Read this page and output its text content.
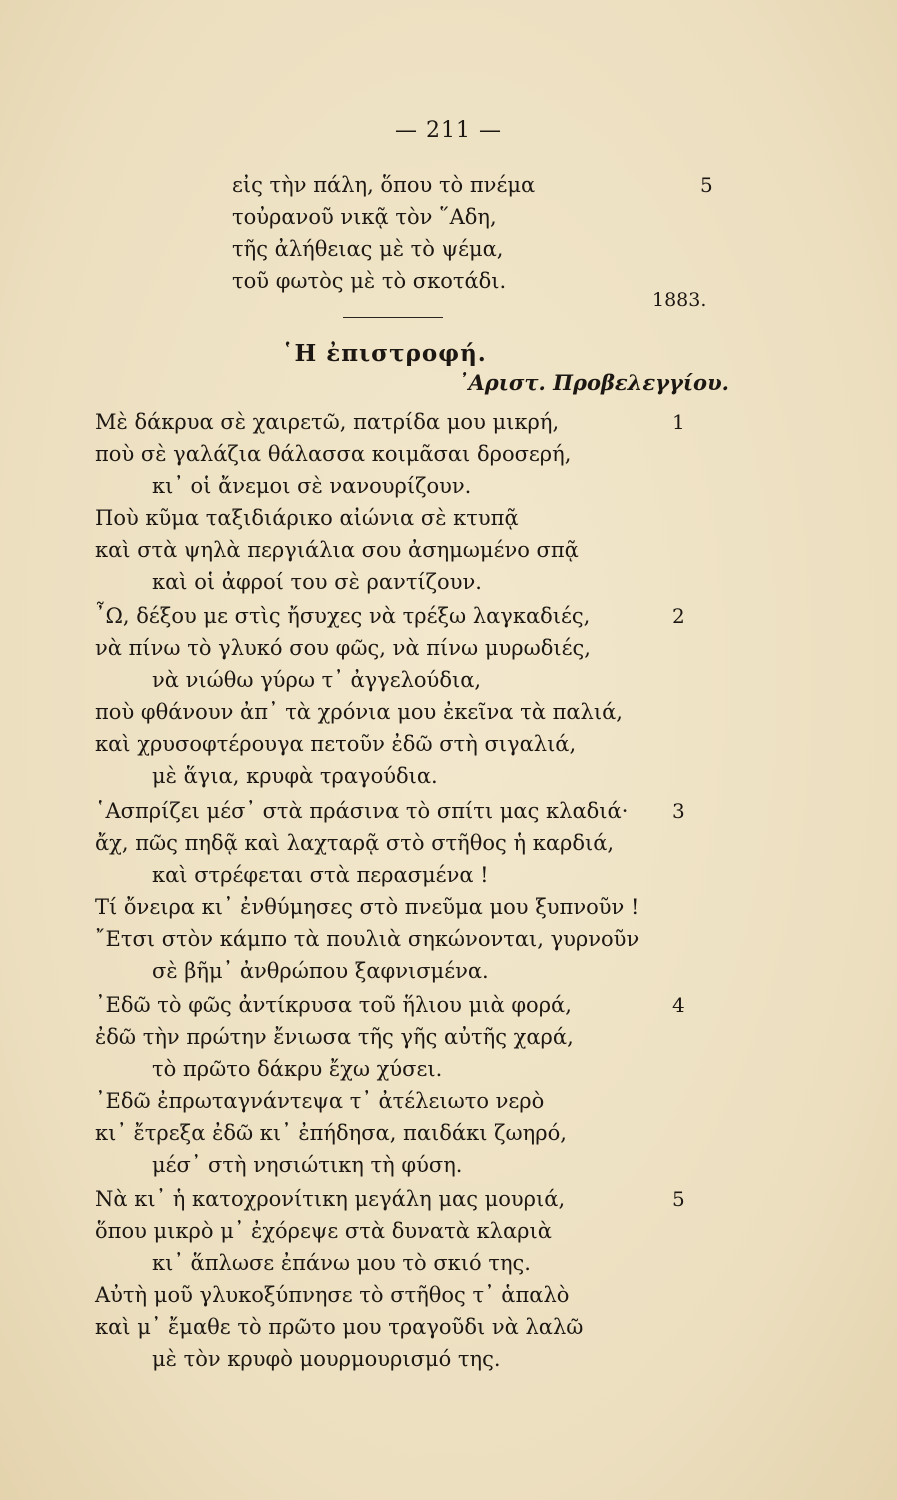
— 211 —
εἰς τὴν πάλη, ὅπου τὸ πνέμα
τοὐρανοῦ νικᾷ τὸν ῞Αδη,
τῆς ἀλήθειας μὲ τὸ ψέμα,
τοῦ φωτὸς μὲ τὸ σκοτάδι.
5
1883.
῾Η ἐπιστροφή.
᾿Αριστ. Προβελεγγίου.
Μὲ δάκρυα σὲ χαιρετῶ, πατρίδα μου μικρή,
ποὺ σὲ γαλάζια θάλασσα κοιμᾶσαι δροσερή,
κι᾿ οἱ ἄνεμοι σὲ νανουρίζουν.
Ποὺ κῦμα ταξιδιάρικο αἰώνια σὲ κτυπᾷ
καὶ στὰ ψηλὰ περγιάλια σου ἀσημωμένο σπᾷ
καὶ οἱ ἀφροί του σὲ ραντίζουν.
1
῏Ω, δέξου με στὶς ἤσυχες νὰ τρέξω λαγκαδιές,
νὰ πίνω τὸ γλυκό σου φῶς, νὰ πίνω μυρωδιές,
νὰ νιώθω γύρω τ᾿ ἀγγελούδια,
ποὺ φθάνουν ἀπ᾿ τὰ χρόνια μου ἐκεῖνα τὰ παλιά,
καὶ χρυσοφτέρουγα πετοῦν ἐδῶ στὴ σιγαλιά,
μὲ ἅγια, κρυφὰ τραγούδια.
2
῾Ασπρίζει μέσ᾿ στὰ πράσινα τὸ σπίτι μας κλαδιά·
ἄχ, πῶς πηδᾷ καὶ λαχταρᾷ στὸ στῆθος ἡ καρδιά,
καὶ στρέφεται στὰ περασμένα !
Τί ὄνειρα κι᾿ ἐνθύμησες στὸ πνεῦμα μου ξυπνοῦν !
῎Ετσι στὸν κάμπο τὰ πουλιὰ σηκώνονται, γυρνοῦν
σὲ βῆμ᾿ ἀνθρώπου ξαφνισμένα.
3
᾿Εδῶ τὸ φῶς ἀντίκρυσα τοῦ ἥλιου μιὰ φορά,
ἐδῶ τὴν πρώτην ἔνιωσα τῆς γῆς αὐτῆς χαρά,
τὸ πρῶτο δάκρυ ἔχω χύσει.
᾿Εδῶ ἐπρωταγνάντεψα τ᾿ ἀτέλειωτο νερὸ
κι᾿ ἔτρεξα ἐδῶ κι᾿ ἐπήδησα, παιδάκι ζωηρό,
μέσ᾿ στὴ νησιώτικη τὴ φύση.
4
Νὰ κι᾿ ἡ κατοχρονίτικη μεγάλη μας μουριά,
ὅπου μικρὸ μ᾿ ἐχόρεψε στὰ δυνατὰ κλαριὰ
κι᾿ ἅπλωσε ἐπάνω μου τὸ σκιό της.
Αὐτὴ μοῦ γλυκοξύπνησε τὸ στῆθος τ᾿ ἁπαλὸ
καὶ μ᾿ ἔμαθε τὸ πρῶτο μου τραγοῦδι νὰ λαλῶ
μὲ τὸν κρυφὸ μουρμουρισμό της.
5
